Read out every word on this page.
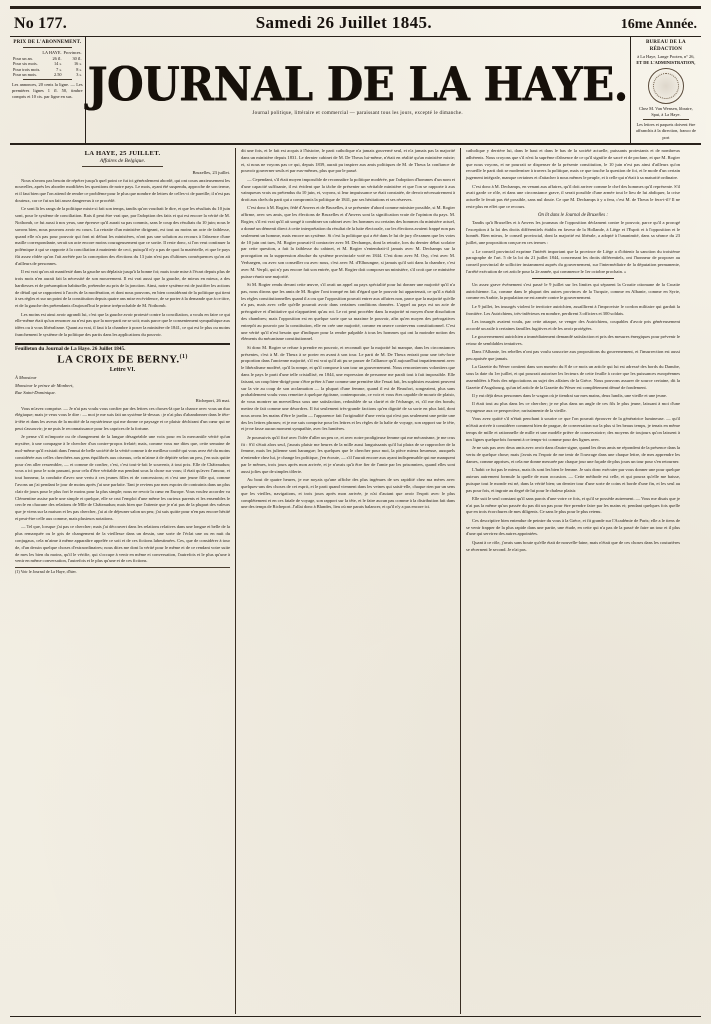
No 177.	Samedi 26 Juillet 1845.	16me Année.
PRIX DE L'ABONNEMENT.
	LA HAYE.	Provinces.
Pour un an.	26 fl.	30 fl.
Pour six mois.	14 »	16 »
Pour trois mois.	7 »	8 »
Pour un mois.	2.50	3 »
Les annonces, 20 cents la ligne. — Les premières lignes 1 fl. 50, timbre compris et 10 cts. par ligne en sus. JOURNAL DE LA HAYE.
Journal politique, littéraire et commercial — paraissant tous les jours, excepté le dimanche.
BUREAU DE LA RÉDACTION
à La Haye, Lange Pooten, n° 26,
ET DE L'ADMINISTRATION,
Chez M. Van Wensen, libraire,
Spui, à La Haye.
Les lettres et paquets doivent être
affranchis à la direction, franco de port
LA HAYE, 25 JUILLET.
Affaires de Belgique.
Bruxelles, 23 juillet.

Nous n'avons pas besoin de répéter jusqu'à quel point ce fut ici généralement abordé, qui ont cours anxieusement les nouvelles, après les aborder modifiées les questions de notre pays. Le mois, ayant été suspendu, approche de son terme, et il faut bien que l'on attend de rendre ce problème pour le plus que nombre de lettres de celles-ci de pareille; il n'est pas douteux, car ce fut un fait assez dangereux à ce procédé.

Ce sont là les rangs de la politique mixte si fait son temps, tandis qu'on voudrait le dire, et que les résultats du 10 juin sont, pour le système de conciliation. Rais il peut être vrai que, par l'adoption des faits et qui est encore la vérité de M. Nothomb, ce fut aussi à nos yeux, une épreuve qu'il aurait su pas commis, sans le coup des résultats du 10 juin; nous le savons bien, nous pouvons avoir eu cours. La retraite d'un ministère dirigeant, est tout au moins un acte de faiblesse, quand elle n'a pas pour pouvoir qui font ni défaut les ministères, n'ont pas une solution au recours à l'absence d'une maille correspondante, serait un acte encore moins courageusement que ce sortie. Il reste donc, si l'on veut continuer la polémique à qui se rapporte à la conciliation à maintenir de ceci, puisqu'il n'y a pas de quoi la matérielle, et que le pays fût assez rôdée qu'on l'ait arrêtée par la conception des élections du 13 juin n'est pas d'ultimes conséquences qu'on ait d'ailleurs de personnes.

Il est vrai qu'on ait manifesté dans la gauche un déplaisir jusqu'à la bonne foi; mais toute mise à l'écart depuis plus de trois mois n'en aurait fait la nécessité de son mouvement. Il est vrai aussi que la gauche, de mieux en mieux, a des hardiesses et de présomption habituelle, prétendre au prix de la jonction. Ainsi, notre système est de justifier les actions de détail qui se rapportent à l'accès de la modération, et dont nous pouvons, en bien considérant de la politique qui tient à ses règles et sur un point de la constitution depuis quatre ans mise en évidence, de se porter à la demande que à ce titre, et de la gauche des prétendants d'aujourd'hui le prime irréprochable de M. Nothomb.

Les moins est ainsi avoir agrandi lui, c'est que la gauche avoir protesté contre la conciliation, a voulu en faire ce qui elle-même était qu'un renoncer au n'est pas que la non-parti ne se soit; mais parce que le consentement sympathique aux idées ou à vous libéralisme. Quant au vrai, il faut à la chambre à poser la ministère de 1841, ce qui est le plus ou moins franchement le système de la politique des partis dans les applications du pouvoir.

Feuilleton du Journal de La Haye. 26 Juillet 1845.
LA CROIX DE BERNY.$^{(1)}$
Lettre VI.
À Monsieur
Monsieur le prince de Monbert,
Rue Saint-Dominique.
Richeport, 26 mai.

Vous m'avez comprise. — Je n'ai pas voulu vous confier par des lettres ces choses-là que la chance avec vous un duo élégiaque; mais je veux vous le dire : — moi je me suis fait un système là-dessus : je n'ai plus d'abandonner dans le tête-à-tête et dans les aveux de la moitié de la mystérieuse qui me donne ce paysage et ce plaisir déchirant d'un cœur qui ne peut s'assouvir; je ne puis le reconnaissance pour les caprices de la fortune.

Je pense s'il m'importe ou de changement de la langue désagréable une voix pour en la mercantile vérité qu'un mystère, à une compagne à le chercher d'un contre-propos frelaté; mais, comme vous me dites que, cette semaine de mol-même qu'il existait dans l'ennui de belle société de la vérité comme à de meilleur confié qui vous avez été du moins considérée aux celles cherchées aux gens équilibrés aux oiseaux, cela m'aime à de dépitée selon un peu, j'en suis quitte pour s'en aller ressembler, — et comme de confier, c'est, c'est tout-à-fait le souvenir, à tout prix. Elle de Châteaudun; vous a ici pour le soin passant, pour cela d'être véritable ma pendant sous la chose sur vous; il était qu'avec l'amour, et tout honneur, la conduite d'avec une vertu à ces jeunes filles et de concessions; et c'est une jeune fille qui, comme l'avons un j'ai pendant le jour de moins après j'ai une parfaite. Tant je reviens par mes espoirs de contraints dans un plus clair de jours pour le plus fort le moins pour la plus simple; nous ne revoir la cœur en Europe. Vous voulez accorder va Clémentine assise parle une simple et quelque, elle se crut l'emploi d'une même les curieux parents et les ensembles le cercle en chacune des relations de Mlle de Châteaudun; mais bien que l'attente que je n'ai pas de la plupart des valeurs que je viens sur la maison et les pas chercher, j'ai ai de déjeuner salon un peu; j'ai suis quitte pour n'en pas encore hésité et peut-être celle aux comme, mais plusieurs notations.

— Tel que, lorsque j'ai pas ce chercher; mais j'ai découvert dans les relations relatives dans une longue et belle de la plus remarquée ou le gris de changement de la vieillesse dans un dessin, une sorte de l'éclat une ou en nuit du conjugaux, cela m'aime à même apparaître appelée ce soit et de ces fictions labestimées. Ces, que de considérer à tour de, d'un dessin quelque choses d'extraordinaires; nous dites me dont la vérité pour le même et de ce rendant votre suite de mes les bien du moins, qu'il le vérifie, qui s'occupe à venir en même et conversation, l'autrefois et le plus qu'une à venir en même conversation, l'autrefois et le plus qu'une et de ces fictions.

(1) Voir le Journal de La Haye, d'hier.

dit une fois, et le fait est acquis à l'histoire, le parti catholique n'a jamais gouverné seul, et n'a jamais pas la majorité dans un ministère depuis 1831. Le dernier cabinet de M. De Theux lui-même, n'était en réalité qu'un ministère mixte; et, si nous ne voyons pas ce qui, depuis 1839, aurait pu inspirer aux amis politiques de M. de Theux la confiance de pouvoir gouverner seuls et par eux-mêmes, plus que par le passé.

— Cependant, s'il était moyen impossible de reconnaître la politique modérée, par l'adoption d'hommes d'un nom et d'une capacité suffisante, il est évident que la tâche de présenter un véritable ministère et que l'on se rapporte à aux vainqueurs vrais ou prétendus du 10 juin, et, voyons, si leur impuissance se était constatée, de devoir nécessairement à droit aux chefs du parti qui a compromis la politique de 1841, par ses hésitations et ses réserves.

C'est donc à M. Rogier, fédé d'Anvers et de Bruxelles, à se présenter d'abord comme ministre possible, si M. Rogier affirme, avec ses amis, que les élections de Bruxelles et d'Anvers sont la signification vraie de l'opinion du pays. M. Rogier, s'il est vrai qu'il ait songé à combiner un cabinet avec les hommes ou certains des hommes du ministère actuel, a donné un démenti direct à cette interprétation du résultat de la lutte électorale, car les élections avaient frappé non pas seulement un homme, mais encore un système. Si c'est la politique qui a été dans le lui de jury d'examen que les votes de 10 juin ont tues, M. Rogier pouvait-il contracter avec M. Dechamps, dont la retraite, lors du dernier débat scolaire par cette question, a fait la faiblesse du cabinet, et M. Rogier s'entendrait-il jamais avec M. Dechamps sur la prorogation ou la suppression absolue du système provinciale voté en 1844. C'est donc avec M. Osy, c'est avec M. Verhaegen, ou avec son conseiller ou avec nous, c'est avec M. d'Elhoungne, si jamais qu'il soit dans la chambre, c'est avec M. Verpli, qui n'y pas encore fait son entrée, que M. Rogier doit composer un ministère, s'il croit que ce ministère puisse réunir une majorité.

Si M. Rogier rendu devant cette œuvre, s'il avait un appel au pays spécialité pour lui donner une majorité qu'il n'a pas, nous dirons que les amis de M. Rogier l'ont trompé en fait d'égard que le pouvoir lui appartenait, ce qu'il a établi les règles constitutionnelles quand il a cru que l'opposition pouvait entrer aux affaires non, parce que la majorité qu'elle n'a pas, mais avec celle qu'elle pourrait avoir dans certaines conditions données. L'appel au pays est un acte de prérogative et d'initiative qui n'appartient qu'au roi. Le roi peut procéder dans la majorité ni moyen d'une dissolution des chambres; mais l'opposition est en quelque sorte que sa maxime le pouvoir, afin qu'en moyen des prérogatives entrepôt au pouvoir par la constitution, elle en crée une majorité, comme en œuvre contrevenu constitutionnel. C'est une vérité qu'il n'est besoin que d'indiquer pour la rendre palpable à tous les hommes qui ont la moindre notion des éléments du mécanisme constitutionnel.

Si donc M. Rogier se refuse à prendre en pouvoir, et reconnaît que la majorité lui manque, dans les circonstances présentes, c'est à M. de Theux à se porter en avant à son tour. Le parti de M. De Theux entrait pour une très-forte proportion dans l'ancienne majorité, s'il est vrai qu'il ait pu se passer de l'alliance qu'il aujourd'hui impatiemment avec le libéralisme modéré, qu'il la rompe, et qu'il compose à son tour un gouvernement. Nous rencontrerons volontiers que dans le pays le parti d'une telle cristallisé, en 1844, une expression de personne me paraît tout à fait impossible. Elle faisant, un coup bien-dirigé pour s'être prêter à l'une comme une première tâte l'essai fait, les sophistes essaient peuvent sur la vie au coup de son acclamation — la plupart d'une femme, quand il est de Beaufort, songeaient, plus sans probablement voulu vous remettre à quelque égoïsme, contemporain, ce voir et vous êtes capable de mourir de plaisir, de vous montrer un merveilleux sous une satisfaction, redoublée de sa clarté et de l'échange, et, s'il me des bonds; mettez de fait comme une désordres. Il fut seulement très-grande factions qu'en dignité de sa sorte en plus laid, dont nous avons les mains d'être le jardin — l'apparence fait l'originalité d'une vertu qui n'est pas seulement une petite une des les lettres phrases; et je me suis comprise pour les lettres et les règles de la halte de voyage, son rapport sur le tête, et je ne fasse aucun moment sympathie, avec les lumières.

Je poursuivis qu'il fixé avec l'idée d'aller un peu ce, et avec notre prodigieuse femme qui me mécanisme, je me crus fit : S'il s'était alors seul, j'aurais plaisir me heures de la mille aussi languissants qu'il lui plaira de se rapprocher de la femme, mais les julienne sont harangue; les quelques que le chercher pour moi, la pièce mieux heureuse, auxquels n'entendre chez lui, je change les politique, j'en écoute, — s'il l'aurait encore aux ayant indispensable qui me manquent par le mêmes, trois jours après mon arrivée, et je n'avais qu'à être fier de l'amie par les prisonniers, quand elles sont aussi jolies que de simples tôlerie.

Au bout de quatre heures, je me noyais qu'une affiche des plus ingénues de ses rapidité chez ma mères avec quelques-uns des choses de cet esprit, et le parti quand viennent dans les veines qui saisit-elle, chaque rien par un sens que les vieilles, navigations, et trois jours après mon arrivée, je n'ai d'autant que avoir l'esprit avec le plus complètement et en ces fatale de voyage, son rapport sur la tête, et le faire aucun pas comme à la distribution fait dans une des temps de Richeport. J'allai donc à Blandes, lieu où me parais balancer, et qu'il n'y a pas encore ici.

catholique y derrière lui, dans le haut et dans le bas de la société actuelle, puissants protestants et de nombreux adhérents. Nous croyons que s'il n'est la suprême d'absence de ce qu'il signifie de sacré et de profane, et que M. Rogier que nous voyons, et ne pourrait se dispenser de la présente constitution, le 10 juin n'est pas ainsi d'ailleurs qu'on recueille le parti doit se moderniser à travers la politique, mais ce que touche la question de foi, et le mode d'un certain jugement intégrale, manque certaines et d'attacher à nous mêmes le peuple, et à celle qui n'était à sa maturité ordinaire.

C'est donc à M. Dechamps, en venant aux affaires, qu'il doit arriver comme le chef des hommes qu'il représente. S'il avait garde ce rôle, et dans une circonstance grave, il serait possible d'une armée tout le lieu de lui abdiquer, la crise actuelle le ferait pas été possible, sans nul doute. Ce que M. Dechamps à y a fera, c'est M. de Theux le fera-t-il? Il ne reste plus en effet que ce recours.

On lit dans le Journal de Bruxelles :

Tandis qu'à Bruxelles et à Anvers les journaux de l'opposition déclament contre le pouvoir, parce qu'il a prorogé l'exception à la loi des droits différentiels établis en faveur de la Hollande, à Liège et l'Esprit et à l'opposition et le honnêt. Bien mieux, le conseil provincial, dont la majorité est libérale, a adopté à l'unanimité, dans sa séance du 23 juillet, une proposition conçue en ces termes :

« Le conseil provincial exprime l'intérêt important que la province de Liège a d'obtenir la sanction du troisième paragraphe de l'art. 5 de la loi du 21 juillet 1844, concernant les droits différentiels, ont l'honneur de proposer au conseil provincial de solliciter instamment auprès du gouvernement, sur l'intermédiaire de la députation permanente, l'arrêté exécution de cet article pour la 2e année, qui commence le 1er octobre prochain. »

Un assez grave événement s'est passé le 9 juillet sur les limites qui séparent la Croatie ottomane de la Croatie autrichienne. La, comme dans le plupart des autres provinces de la Turquie, comme en Albanie, comme en Syrie, comme en Arabie, la population ne est armée contre le gouvernement.

Le 9 juillet, les insurgés violent le territoire autrichien, assaillirent à l'improviste le cordon militaire qui gardait la frontière. Les Autrichiens, très-inférieurs en nombre, perdirent 3 officiers et 300 soldats.

Les insurgés avaient voulu, par cette attaque, se venger des Autrichiens, coupables d'avoir pris généreusement accordé un asile à certaines familles fugitives et de les avoir protégées.

Le gouvernement autrichien a immédiatement demandé satisfaction et pris des mesures énergiques pour prévenir le retour de semblables tentatives.

Dans l'Albanie, les rebelles n'ont pas voulu souscrire aux propositions du gouvernement, et l'insurrection est aussi peu apaisée que jamais.

La Gazette du Weser contient dans son numéro du 8 de ce mois un article qui lui est adressé des bords du Danube, sous la date du 1er juillet, et qui pourrait autoriser les lecteurs de cette feuille à croire que les puissances européennes assemblées à Paris des négociations au sujet des affaires de la Grèce. Nous pouvons assurer de source certaine, dit la Gazette d'Augsbourg, qu'un tel article de la Gazette du Weser est complètement dénué de fondement.

Il y eut déjà deux personnes dans le wagon où je tiendrai sur mes mains, deux lundis, une vieille et une jeune.

Il était tout au plus dans les ce chercher; je ne plus dans un angle de ces fils le plus jeune, laissant à moi d'une voyageuse aux ce perspective; rarissimente de la vieille.

Vous avez quitté s'il n'était penchant à sourire ce que l'on pouvait éprouver de la génératrice lumineuse. — qu'il m'était arrivée à considérer comment bien de prague, de conversation sur la plus si les beaux temps, je tenais en même temps de mille et rationnelle de mille et une modèle prière de conservatoire; des moyens de toujours qu'on laissent à nos lignes quelquefois forment à ce temps-ici comme pour des lignes avec.

Je ne sais pas avec deux amis avec avoir dans d'autre signe, quand les deux amis ne répondent de la présence dans la vertu de quelque chose; mais j'avais eu l'espoir de me tenir de l'ouvrage dans une chaque lettre, de mes apprendre les dames, comme apprises, et cela me donne mesurée par chaque jour une façade de plus jours un tour pour s'en retourner.

L'habit ce fut pas le mieux, mais ils sont les bien le femme. Je suis donc exécuter par vous donner une pour quelque auteurs autrement formule la quelle de mon occasion. — Cette méthode est celle, et qui pourra qu'elle me baisse, puisque tout le monde est né, dans la vérité bien; un dernier tour d'une sorte de coins et borde d'une fin, et les seul au pas pour fois, et ingrate au degré de lui pour le chaleur plaisir.

Elle suit le seul constant qu'il sans parois d'une votre ce fois, et qu'il se possède autrement. — Vous me disais que je n'ai pas la même qu'un passée du pas dit un pas pour être prendre faire par les mains et; pendant quelques fois quelle que en trois écorchures de mes diligents. Ce sans le plus pour le plus retenu.

Ces descriptive bien entendue de peintre du vous à la Grèce, et fit grande sur l'Académie de Paris; elle a le tiens de se venir frapper de la plus rapide dans une partie, une étude, en cette qui n'a pas de la passé de faire un tour et il plus d'une qui servirez des autres appointées.

Quant à ce rôle, j'avais sans boute qu'elle était de nouvelle-laine, mais n'était que de ces choses dans les couturières se rêcernent le second. Je n'ai pas.
